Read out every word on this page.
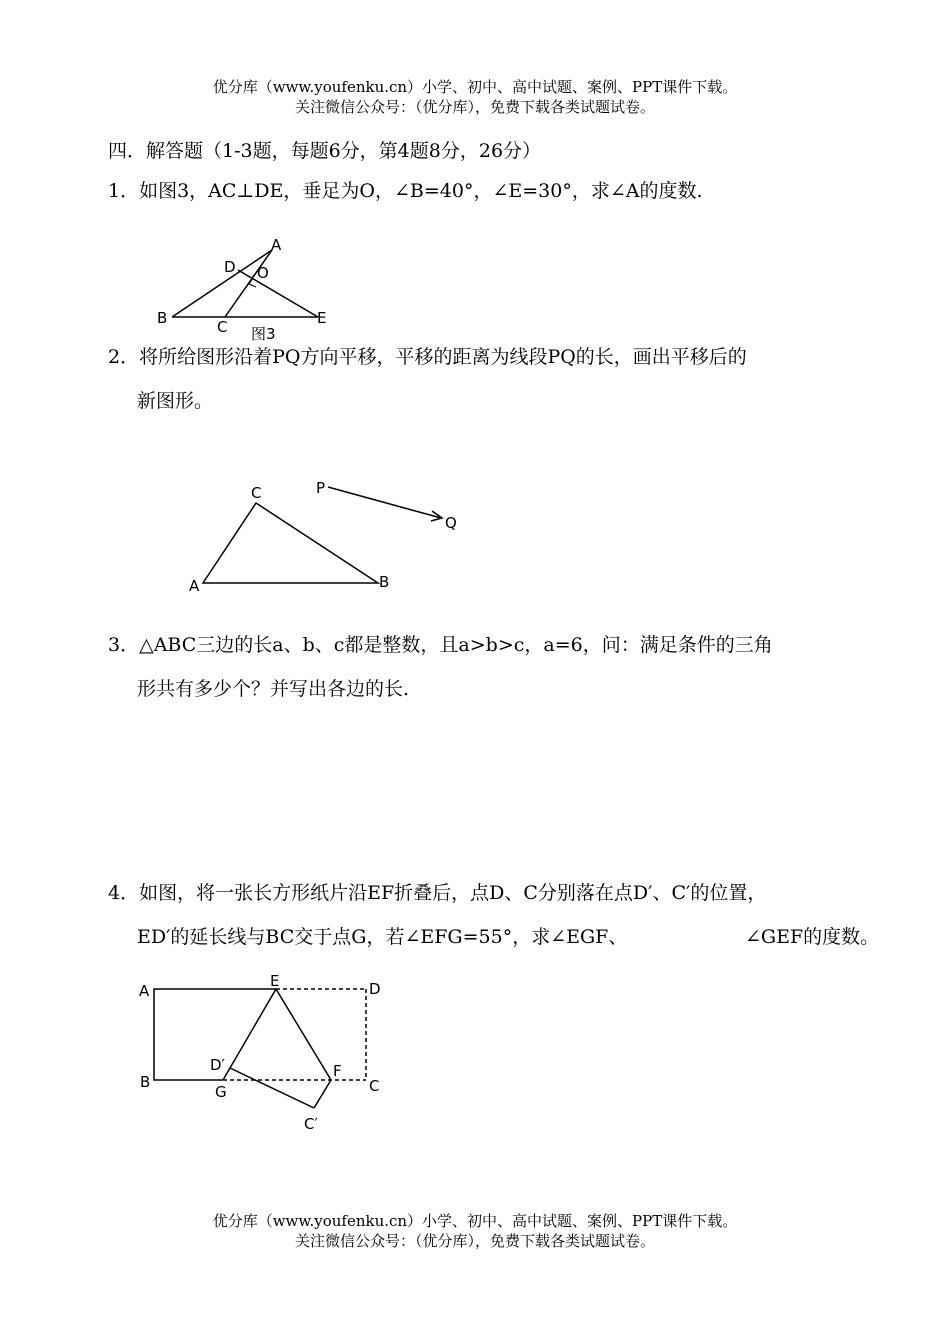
优分库（www.youfenku.cn）小学、初中、高中试题、案例、PPT课件下载。
关注微信公众号：（优分库），免费下载各类试题试卷。
四．解答题（1-3题，每题6分，第4题8分，26分）
1．如图3，AC⊥DE，垂足为O，∠B=40°，∠E=30°，求∠A的度数.
A
D O
B	C	E
图3
2．将所给图形沿着PQ方向平移，平移的距离为线段PQ的长，画出平移后的
新图形。
C
A	B
P
Q
3．△ABC三边的长a、b、c都是整数，且a>b>c，a=6，问：满足条件的三角
形共有多少个？并写出各边的长.
4．如图，将一张长方形纸片沿EF折叠后，点D、C分别落在点D′、C′的位置，
ED′的延长线与BC交于点G，若∠EFG=55°，求∠EGF、	∠GEF的度数。
A
E	D
B
D′
G
F
C
C′
优分库（www.youfenku.cn）小学、初中、高中试题、案例、PPT课件下载。
关注微信公众号：（优分库），免费下载各类试题试卷。
